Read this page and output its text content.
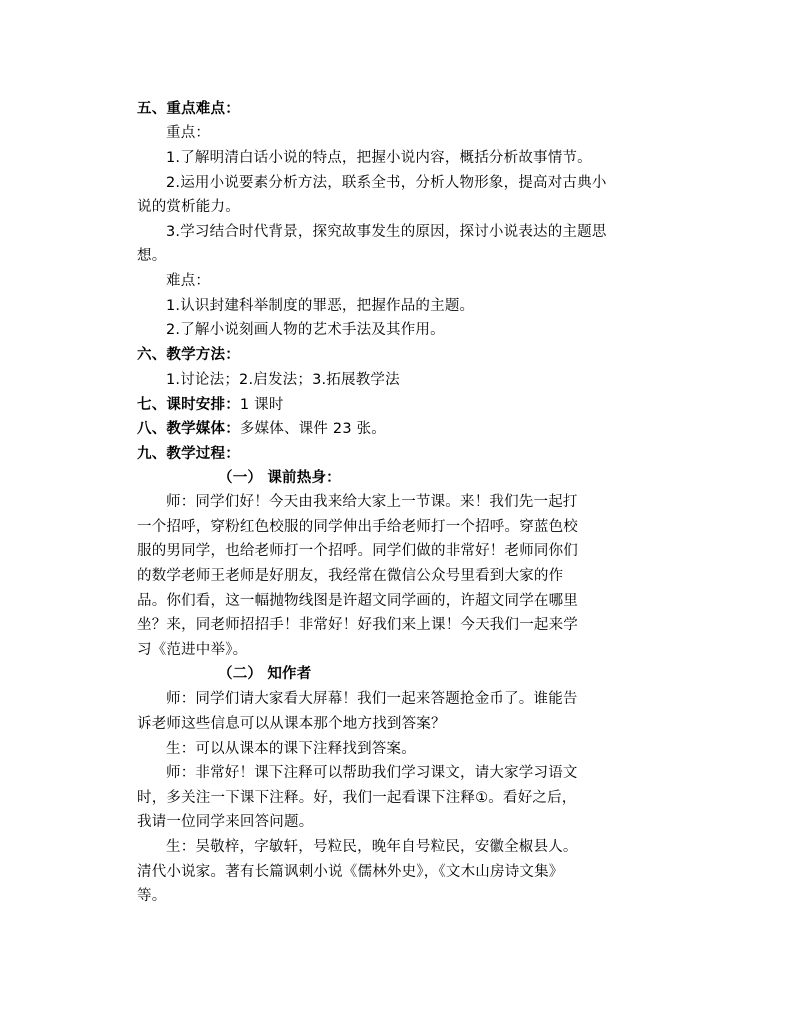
五、重点难点：
重点：
1.了解明清白话小说的特点，把握小说内容，概括分析故事情节。
2.运用小说要素分析方法，联系全书，分析人物形象，提高对古典小
说的赏析能力。
3.学习结合时代背景，探究故事发生的原因，探讨小说表达的主题思
想。
难点：
1.认识封建科举制度的罪恶，把握作品的主题。
2.了解小说刻画人物的艺术手法及其作用。
六、教学方法：
1.讨论法；2.启发法；3.拓展教学法
七、课时安排：1 课时
八、教学媒体：多媒体、课件 23 张。
九、教学过程：
（一） 课前热身：
师：同学们好！今天由我来给大家上一节课。来！我们先一起打
一个招呼，穿粉红色校服的同学伸出手给老师打一个招呼。穿蓝色校
服的男同学，也给老师打一个招呼。同学们做的非常好！老师同你们
的数学老师王老师是好朋友，我经常在微信公众号里看到大家的作
品。你们看，这一幅抛物线图是许超文同学画的，许超文同学在哪里
坐？来，同老师招招手！非常好！好我们来上课！今天我们一起来学
习《范进中举》。
（二） 知作者
师：同学们请大家看大屏幕！我们一起来答题抢金币了。谁能告
诉老师这些信息可以从课本那个地方找到答案？
生：可以从课本的课下注释找到答案。
师：非常好！课下注释可以帮助我们学习课文，请大家学习语文
时，多关注一下课下注释。好，我们一起看课下注释①。看好之后，
我请一位同学来回答问题。
生：吴敬梓，字敏轩，号粒民，晚年自号粒民，安徽全椒县人。
清代小说家。著有长篇讽刺小说《儒林外史》，《文木山房诗文集》
等。
